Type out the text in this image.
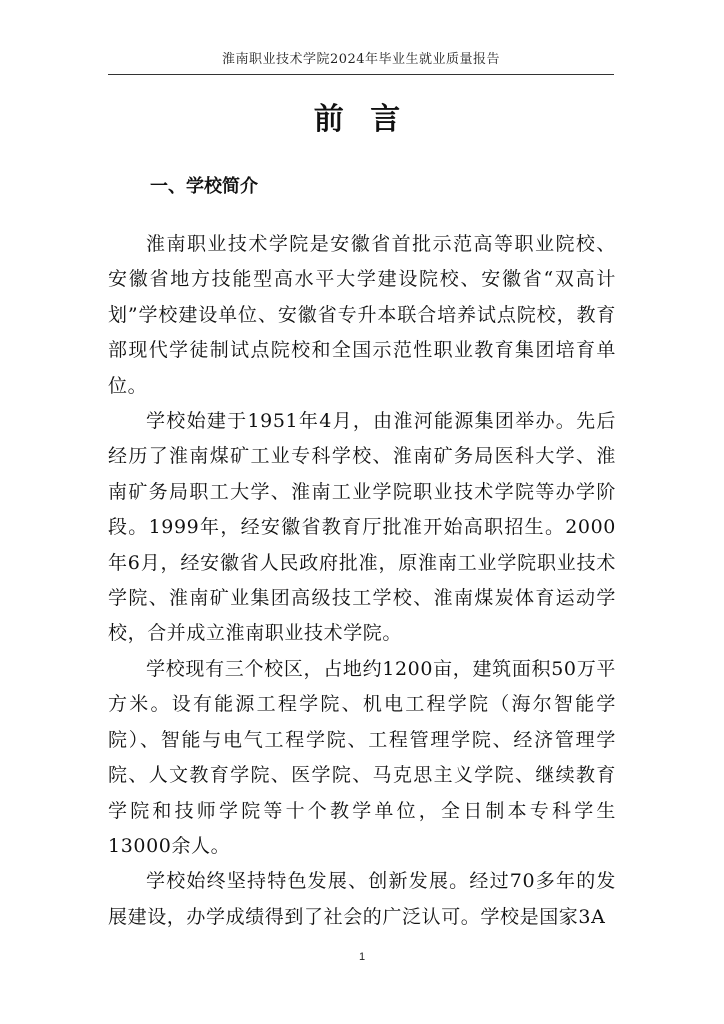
淮南职业技术学院2024年毕业生就业质量报告
前 言
一、学校简介

淮南职业技术学院是安徽省首批示范高等职业院校、安徽省地方技能型高水平大学建设院校、安徽省“双高计划”学校建设单位、安徽省专升本联合培养试点院校，教育部现代学徒制试点院校和全国示范性职业教育集团培育单位。

学校始建于1951年4月，由淮河能源集团举办。先后经历了淮南煤矿工业专科学校、淮南矿务局医科大学、淮南矿务局职工大学、淮南工业学院职业技术学院等办学阶段。1999年，经安徽省教育厅批准开始高职招生。2000年6月，经安徽省人民政府批准，原淮南工业学院职业技术学院、淮南矿业集团高级技工学校、淮南煤炭体育运动学校，合并成立淮南职业技术学院。

学校现有三个校区，占地约1200亩，建筑面积50万平方米。设有能源工程学院、机电工程学院（海尔智能学院）、智能与电气工程学院、工程管理学院、经济管理学院、人文教育学院、医学院、马克思主义学院、继续教育学院和技师学院等十个教学单位，全日制本专科学生13000余人。

学校始终坚持特色发展、创新发展。经过70多年的发展建设，办学成绩得到了社会的广泛认可。学校是国家3A

1
